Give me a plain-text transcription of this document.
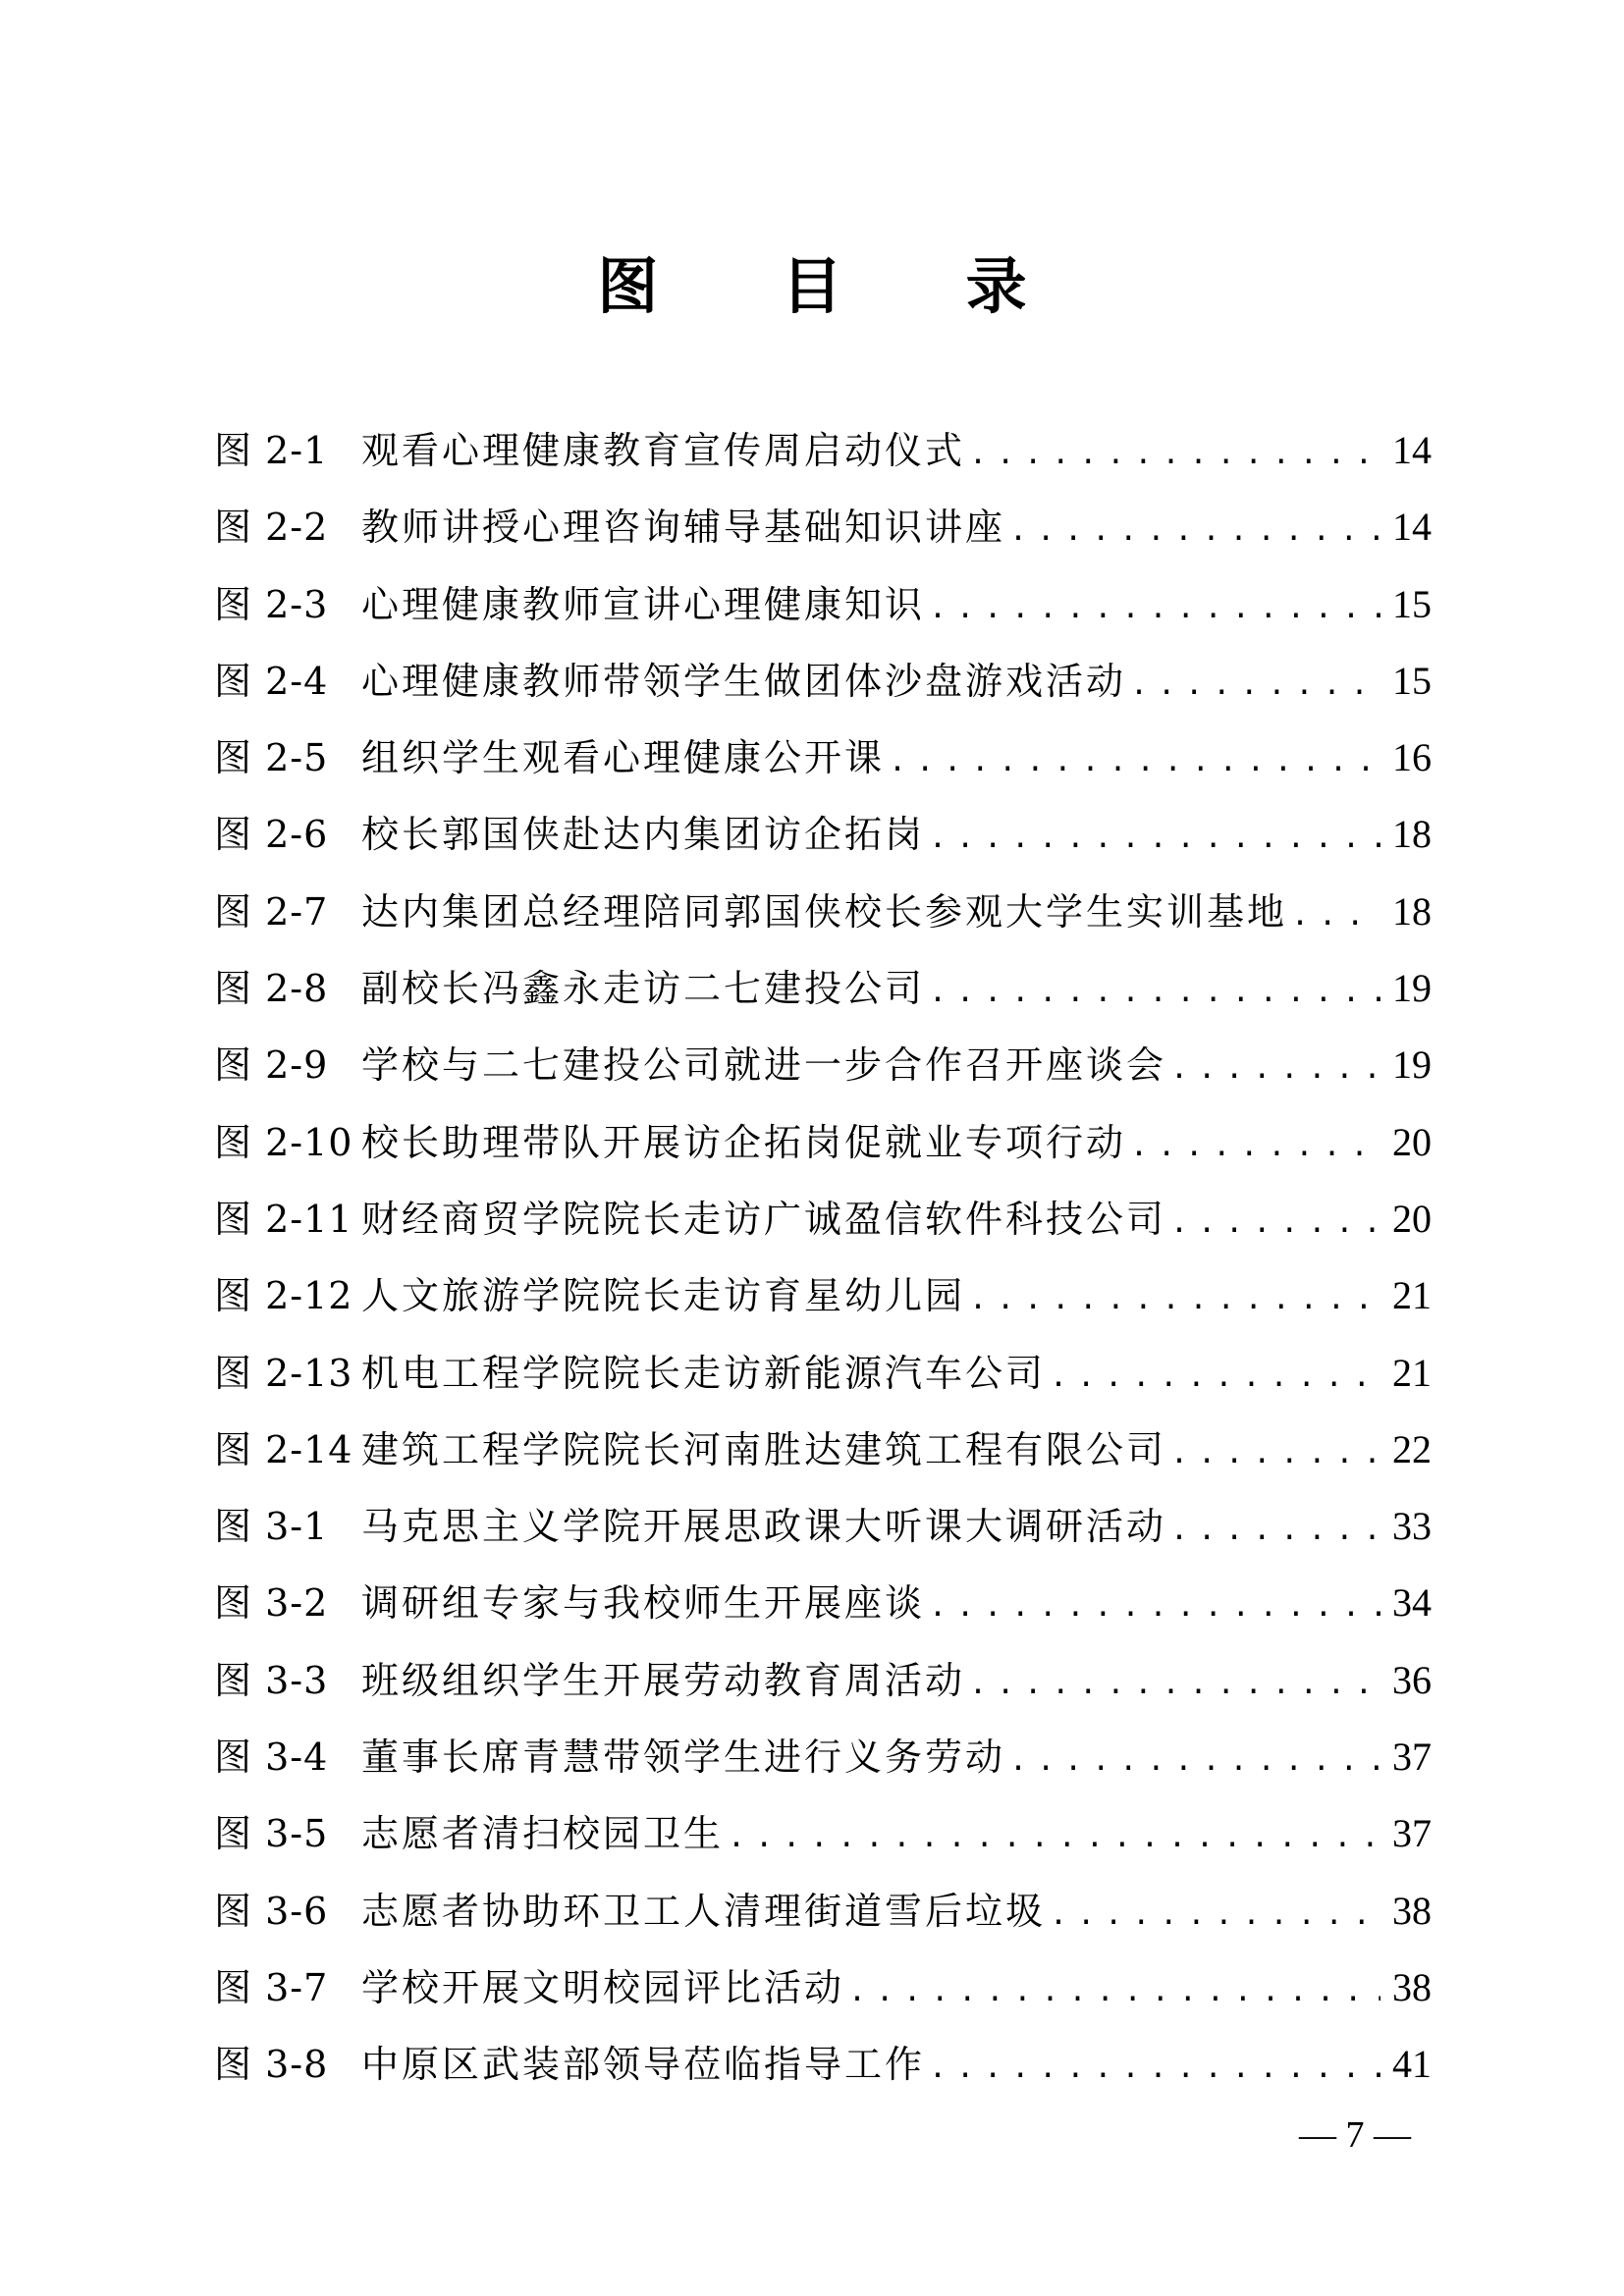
图 目 录
图 2-1 观看心理健康教育宣传周启动仪式 .....	14
图 2-2 教师讲授心理咨询辅导基础知识讲座 .....	14
图 2-3 心理健康教师宣讲心理健康知识 .....	15
图 2-4 心理健康教师带领学生做团体沙盘游戏活动 .....	15
图 2-5 组织学生观看心理健康公开课 .....	16
图 2-6 校长郭国侠赴达内集团访企拓岗 .....	18
图 2-7 达内集团总经理陪同郭国侠校长参观大学生实训基地 .....	18
图 2-8 副校长冯鑫永走访二七建投公司 .....	19
图 2-9 学校与二七建投公司就进一步合作召开座谈会 .....	19
图 2-10 校长助理带队开展访企拓岗促就业专项行动 .....	20
图 2-11 财经商贸学院院长走访广诚盈信软件科技公司 .....	20
图 2-12 人文旅游学院院长走访育星幼儿园 .....	21
图 2-13 机电工程学院院长走访新能源汽车公司 .....	21
图 2-14 建筑工程学院院长河南胜达建筑工程有限公司 .....	22
图 3-1 马克思主义学院开展思政课大听课大调研活动 .....	33
图 3-2 调研组专家与我校师生开展座谈 .....	34
图 3-3 班级组织学生开展劳动教育周活动 .....	36
图 3-4 董事长席青慧带领学生进行义务劳动 .....	37
图 3-5 志愿者清扫校园卫生 .....	37
图 3-6 志愿者协助环卫工人清理街道雪后垃圾 .....	38
图 3-7 学校开展文明校园评比活动 .....	38
图 3-8 中原区武装部领导莅临指导工作 .....	41
— 7 —
